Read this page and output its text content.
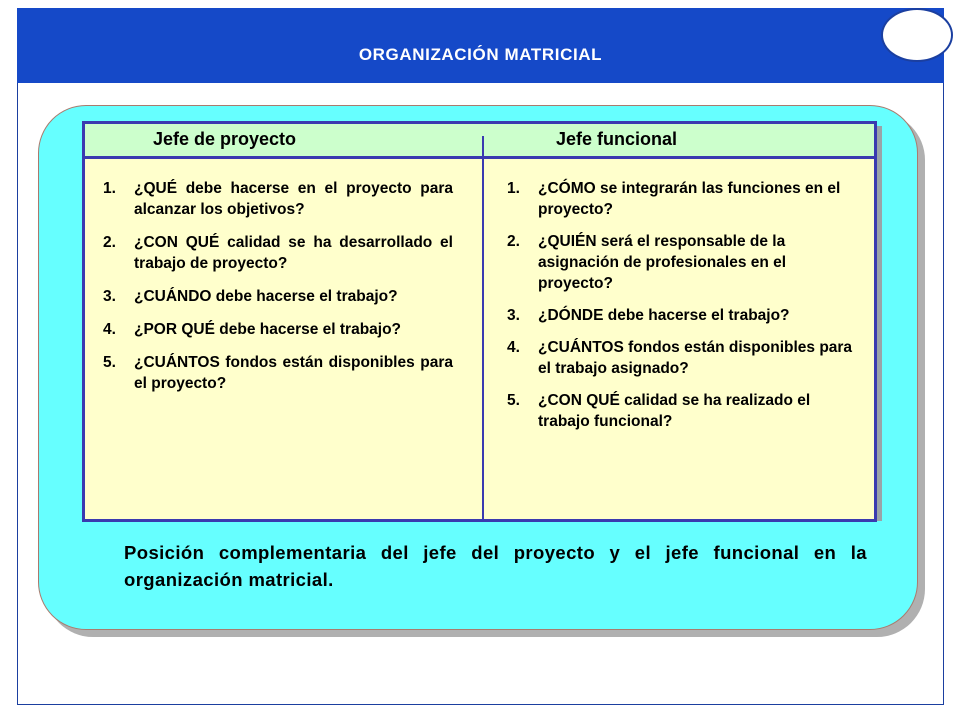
ORGANIZACIÓN MATRICIAL
Jefe de proyecto	Jefe funcional
1. ¿QUÉ debe hacerse en el proyecto para alcanzar los objetivos?
2. ¿CON QUÉ calidad se ha desarrollado el trabajo de proyecto?
3. ¿CUÁNDO debe hacerse el trabajo?
4. ¿POR QUÉ debe hacerse el trabajo?
5. ¿CUÁNTOS fondos están disponibles para el proyecto?
1. ¿CÓMO se integrarán las funciones en el proyecto?
2. ¿QUIÉN será el responsable de la asignación de profesionales en el proyecto?
3. ¿DÓNDE debe hacerse el trabajo?
4. ¿CUÁNTOS fondos están disponibles para el trabajo asignado?
5. ¿CON QUÉ calidad se ha realizado el trabajo funcional?
Posición complementaria del jefe del proyecto y el jefe funcional en la organización matricial.
